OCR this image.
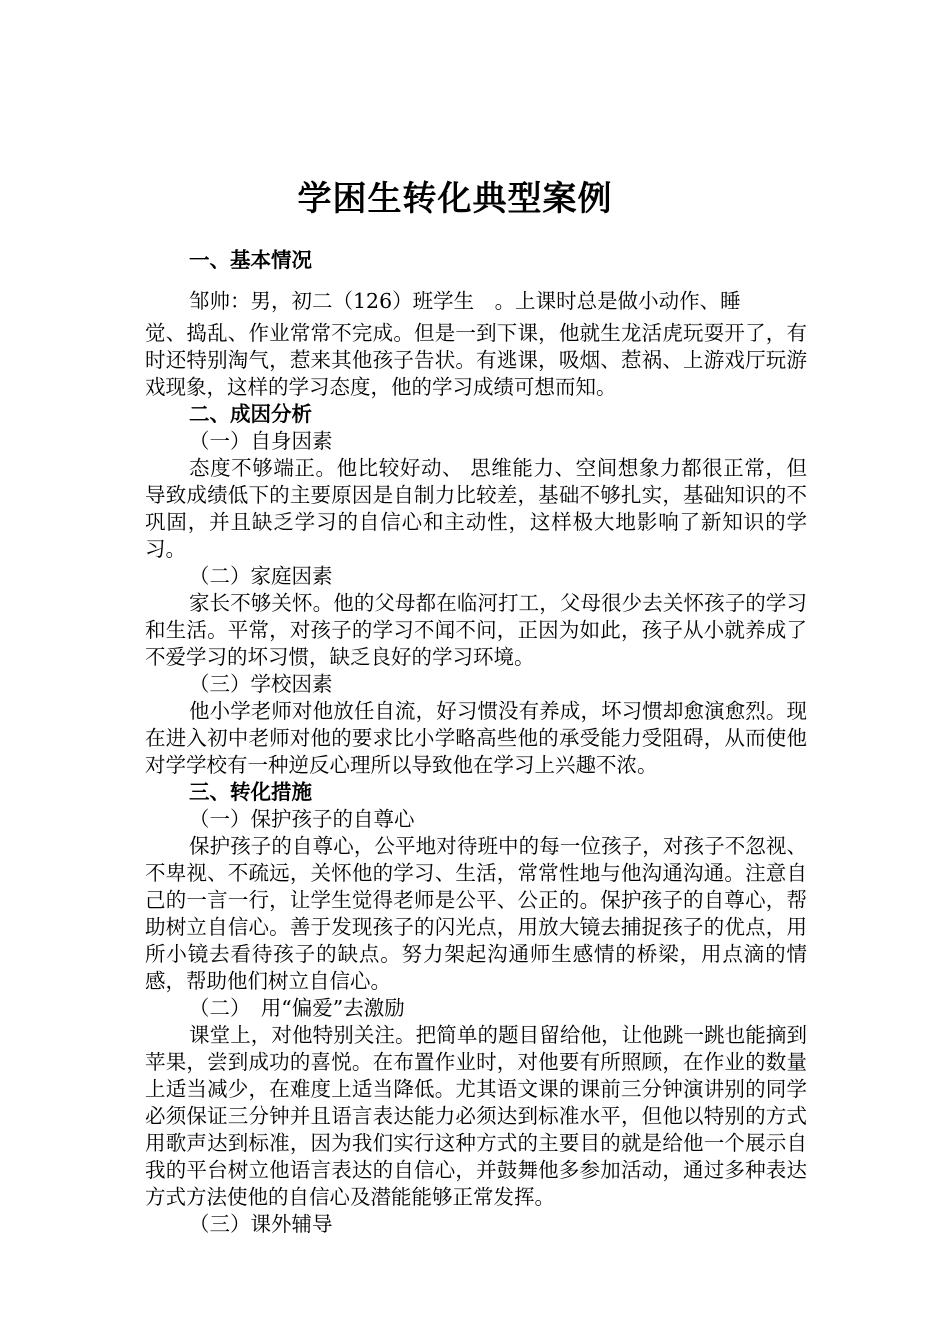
学困生转化典型案例

一、基本情况

邹帅：男，初二（126）班学生　。上课时总是做小动作、睡

觉、捣乱、作业常常不完成。但是一到下课，他就生龙活虎玩耍开了，有时还特别淘气，惹来其他孩子告状。有逃课，吸烟、惹祸、上游戏厅玩游戏现象，这样的学习态度，他的学习成绩可想而知。

二、成因分析

（一）自身因素

态度不够端正。他比较好动、 思维能力、空间想象力都很正常，但导致成绩低下的主要原因是自制力比较差，基础不够扎实，基础知识的不巩固，并且缺乏学习的自信心和主动性，这样极大地影响了新知识的学习。

（二）家庭因素

家长不够关怀。他的父母都在临河打工，父母很少去关怀孩子的学习和生活。平常，对孩子的学习不闻不问，正因为如此，孩子从小就养成了不爱学习的坏习惯，缺乏良好的学习环境。

（三）学校因素

他小学老师对他放任自流，好习惯没有养成，坏习惯却愈演愈烈。现在进入初中老师对他的要求比小学略高些他的承受能力受阻碍，从而使他对学学校有一种逆反心理所以导致他在学习上兴趣不浓。

三、转化措施

（一）保护孩子的自尊心

保护孩子的自尊心，公平地对待班中的每一位孩子，对孩子不忽视、不卑视、不疏远，关怀他的学习、生活，常常性地与他沟通沟通。注意自己的一言一行，让学生觉得老师是公平、公正的。保护孩子的自尊心，帮助树立自信心。善于发现孩子的闪光点，用放大镜去捕捉孩子的优点，用所小镜去看待孩子的缺点。努力架起沟通师生感情的桥梁，用点滴的情感，帮助他们树立自信心。

（二）　用“偏爱”去激励

课堂上，对他特别关注。把简单的题目留给他，让他跳一跳也能摘到苹果，尝到成功的喜悦。在布置作业时，对他要有所照顾，在作业的数量上适当减少，在难度上适当降低。尤其语文课的课前三分钟演讲别的同学必须保证三分钟并且语言表达能力必须达到标准水平，但他以特别的方式用歌声达到标准，因为我们实行这种方式的主要目的就是给他一个展示自我的平台树立他语言表达的自信心，并鼓舞他多参加活动，通过多种表达方式方法使他的自信心及潜能能够正常发挥。

（三）课外辅导
